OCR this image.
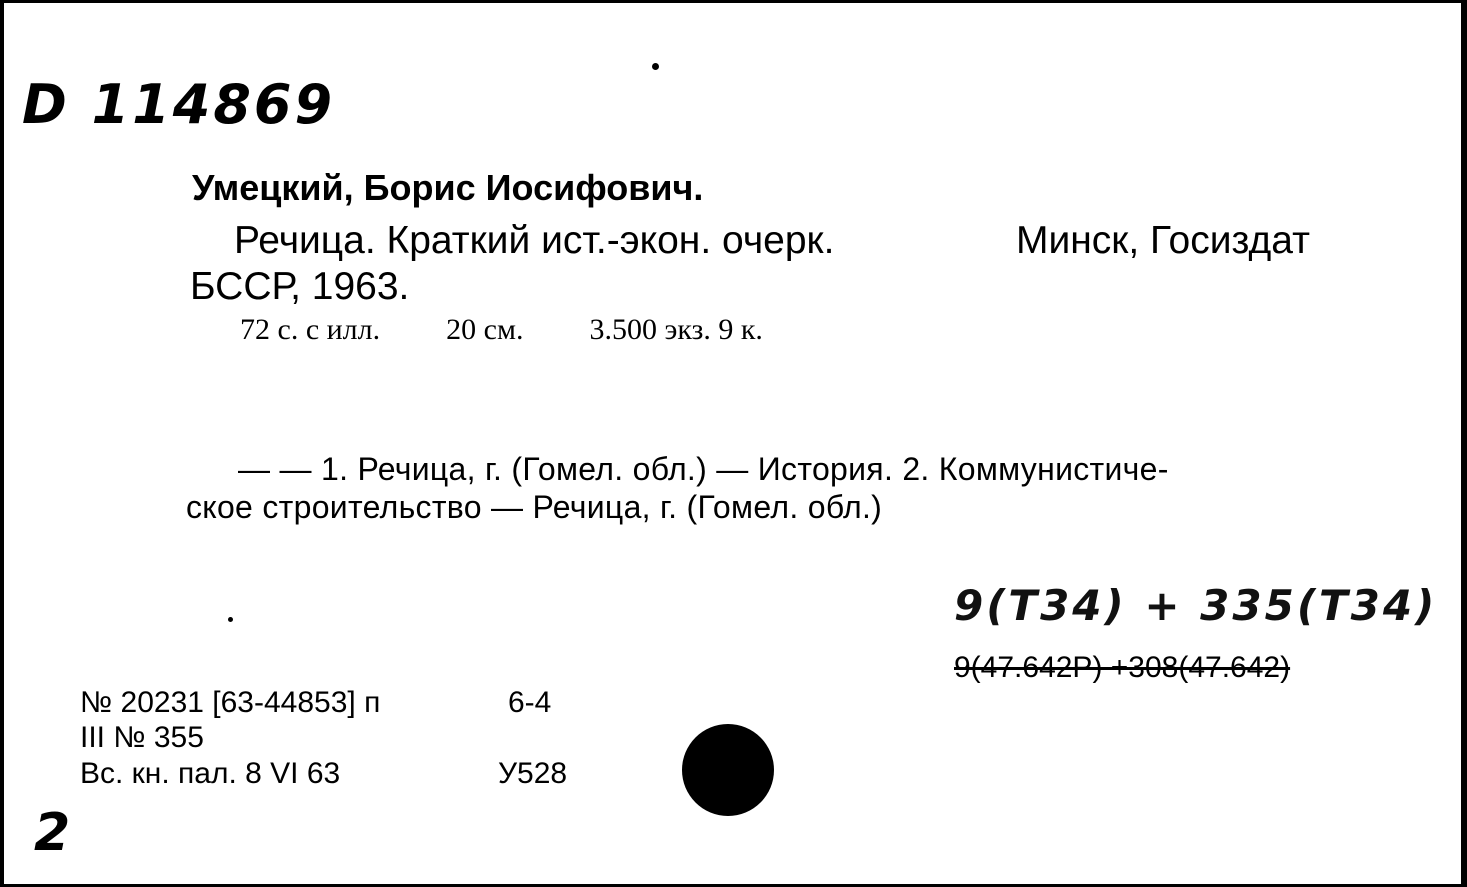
D 114869
Умецкий, Борис Иосифович.
Речица. Краткий ист.-экон. очерк.	Минск, Госиздат
БССР, 1963.
72 с. с илл. 20 см. 3.500 экз. 9 к.
— — 1. Речица, г. (Гомел. обл.) — История. 2. Коммунистиче-
ское строительство — Речица, г. (Гомел. обл.)
9(Т34) + 335(Т34)
9(47.642Р) +308(47.642)
№ 20231 [63-44853] п	6-4
III № 355
Вс. кн. пал. 8 VI 63	У528
2
